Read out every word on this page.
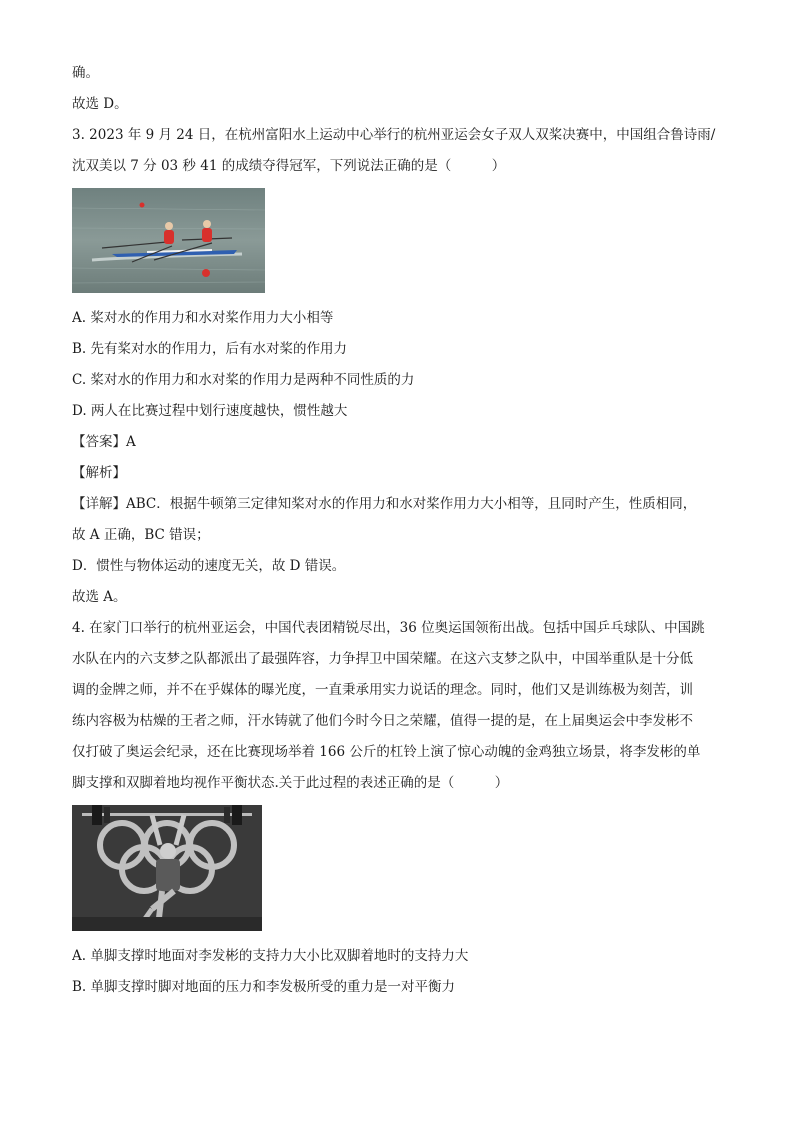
确。
故选 D。
3. 2023 年 9 月 24 日，在杭州富阳水上运动中心举行的杭州亚运会女子双人双桨决赛中，中国组合鲁诗雨/
沈双美以 7 分 03 秒 41 的成绩夺得冠军，下列说法正确的是（　　　）
A. 桨对水的作用力和水对桨作用力大小相等
B. 先有桨对水的作用力，后有水对桨的作用力
C. 桨对水的作用力和水对桨的作用力是两种不同性质的力
D. 两人在比赛过程中划行速度越快，惯性越大
【答案】A
【解析】
【详解】ABC．根据牛顿第三定律知桨对水的作用力和水对桨作用力大小相等，且同时产生，性质相同，
故 A 正确，BC 错误；
D．惯性与物体运动的速度无关，故 D 错误。
故选 A。
4. 在家门口举行的杭州亚运会，中国代表团精锐尽出，36 位奥运国领衔出战。包括中国乒乓球队、中国跳
水队在内的六支梦之队都派出了最强阵容，力争捍卫中国荣耀。在这六支梦之队中，中国举重队是十分低
调的金牌之师，并不在乎媒体的曝光度，一直秉承用实力说话的理念。同时，他们又是训练极为刻苦，训
练内容极为枯燥的王者之师，汗水铸就了他们今时今日之荣耀，值得一提的是，在上届奥运会中李发彬不
仅打破了奥运会纪录，还在比赛现场举着 166 公斤的杠铃上演了惊心动魄的金鸡独立场景，将李发彬的单
脚支撑和双脚着地均视作平衡状态.关于此过程的表述正确的是（　　　）
A. 单脚支撑时地面对李发彬的支持力大小比双脚着地时的支持力大
B. 单脚支撑时脚对地面的压力和李发极所受的重力是一对平衡力
